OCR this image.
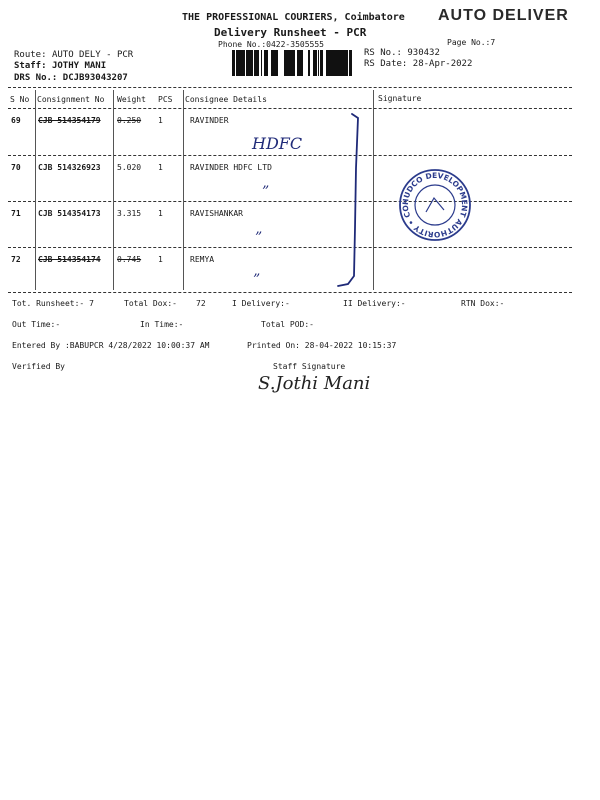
THE PROFESSIONAL COURIERS, Coimbatore AUTO DELIVER
Delivery Runsheet - PCR
Phone No.:0422-3505555	Page No.:7
Route: AUTO DELY - PCR
Staff: JOTHY MANI
DRS No.: DCJB93043207
RS No.: 930432
RS Date: 28-Apr-2022
S No Consignment No Weight PCS Consignee Details	Signature
69 CJB 514354179 0.250 1	RAVINDER
70 CJB 514326923 5.020 1	RAVINDER HDFC LTD
71 CJB 514354173 3.315 1	RAVISHANKAR
72 CJB 514354174 0.745 1	REMYA
HDFC
”
”
”
HUDCO DEVELOPMENT AUTHORITY • CO
Tot. Runsheet:- 7	Total Dox:- 72	I Delivery:-	II Delivery:-	RTN Dox:-
Out Time:-	In Time:-	Total POD:-
Entered By :BABUPCR 4/28/2022 10:00:37 AM	Printed On: 28-04-2022 10:15:37
Verified By	Staff Signature
S.Jothi Mani
